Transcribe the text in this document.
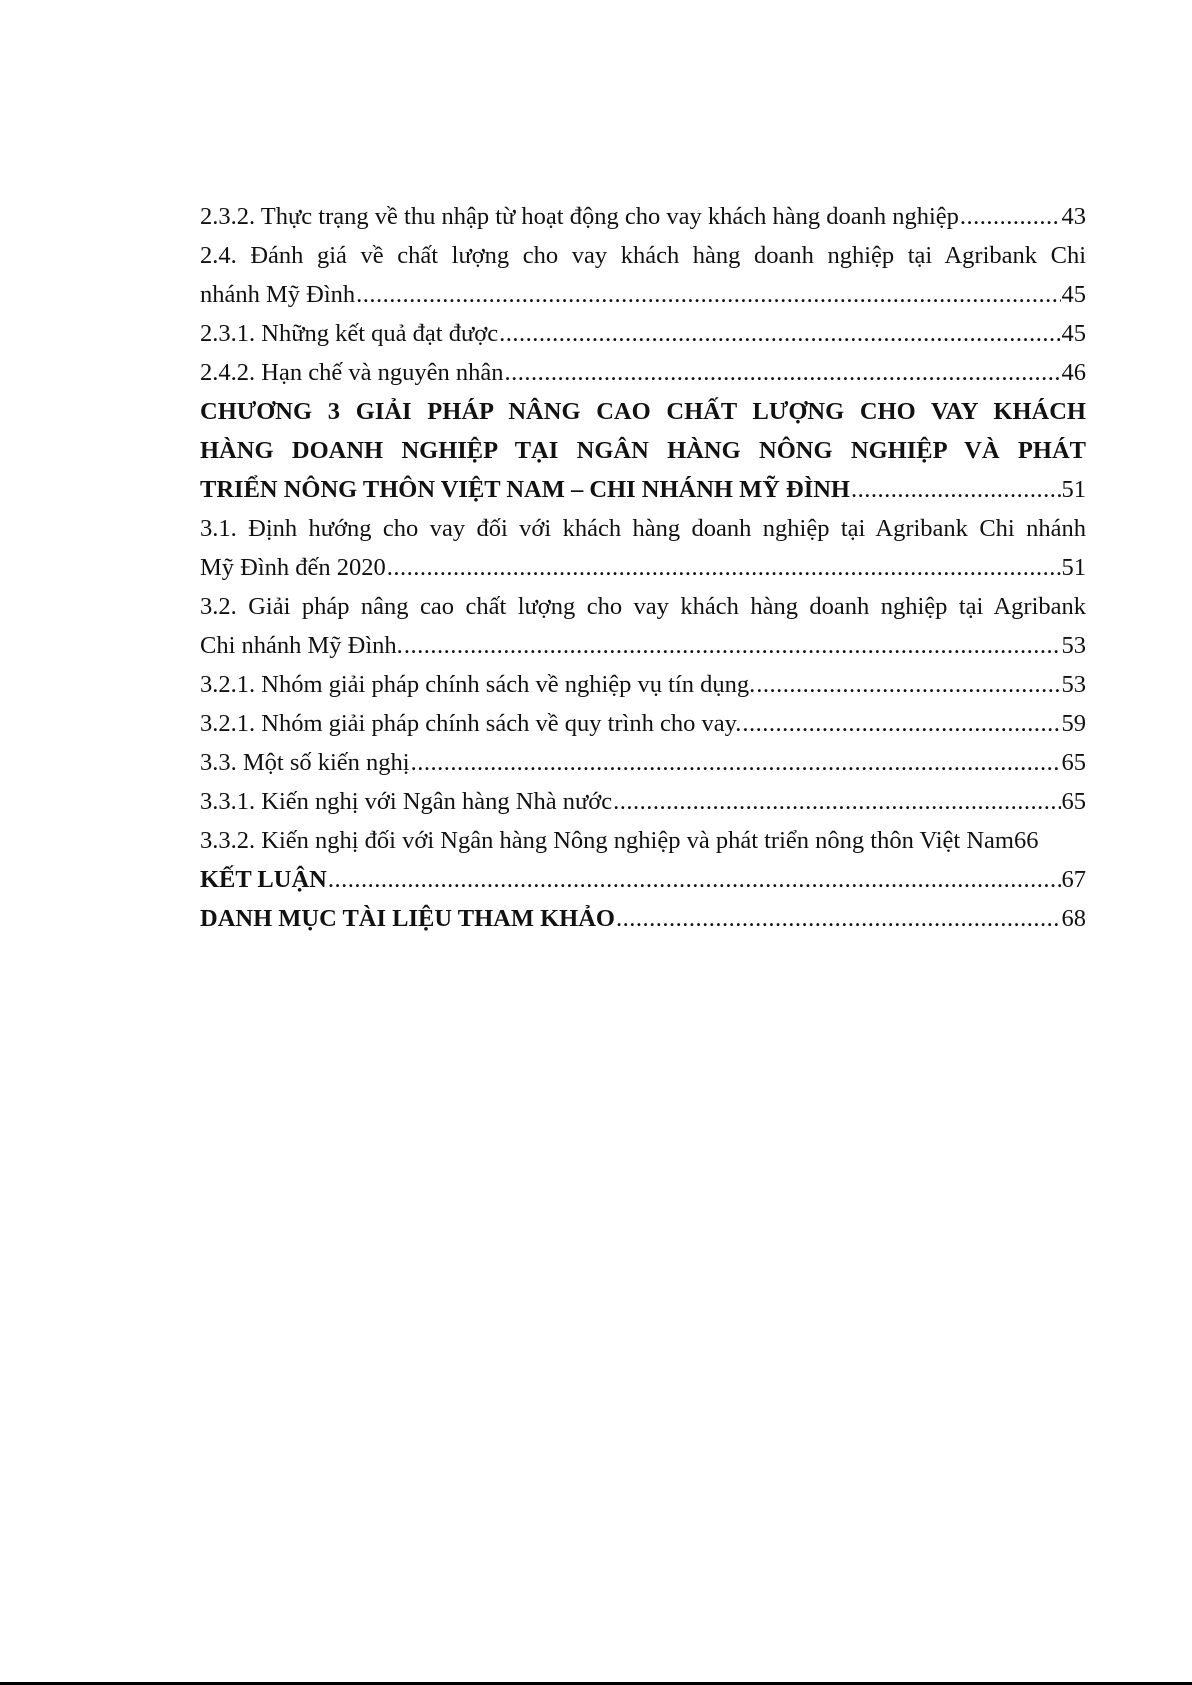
2.3.2. Thực trạng về thu nhập từ hoạt động cho vay khách hàng doanh nghiệp .....	43
2.4. Đánh giá về chất lượng cho vay khách hàng doanh nghiệp tại Agribank Chi
nhánh Mỹ Đình .....	45
2.3.1. Những kết quả đạt được .....	45
2.4.2. Hạn chế và nguyên nhân .....	46
CHƯƠNG 3 GIẢI PHÁP NÂNG CAO CHẤT LƯỢNG CHO VAY KHÁCH
HÀNG DOANH NGHIỆP TẠI NGÂN HÀNG NÔNG NGHIỆP VÀ PHÁT
TRIỂN NÔNG THÔN VIỆT NAM – CHI NHÁNH MỸ ĐÌNH .....	51
3.1. Định hướng cho vay đối với khách hàng doanh nghiệp tại Agribank Chi nhánh
Mỹ Đình đến 2020 .....	51
3.2. Giải pháp nâng cao chất lượng cho vay khách hàng doanh nghiệp tại Agribank
Chi nhánh Mỹ Đình. .....	53
3.2.1. Nhóm giải pháp chính sách về nghiệp vụ tín dụng. .....	53
3.2.1. Nhóm giải pháp chính sách về quy trình cho vay. .....	59
3.3. Một số kiến nghị .....	65
3.3.1. Kiến nghị với Ngân hàng Nhà nước .....	65
3.3.2. Kiến nghị đối với Ngân hàng Nông nghiệp và phát triển nông thôn Việt Nam66
KẾT LUẬN .....	67
DANH MỤC TÀI LIỆU THAM KHẢO .....	68
